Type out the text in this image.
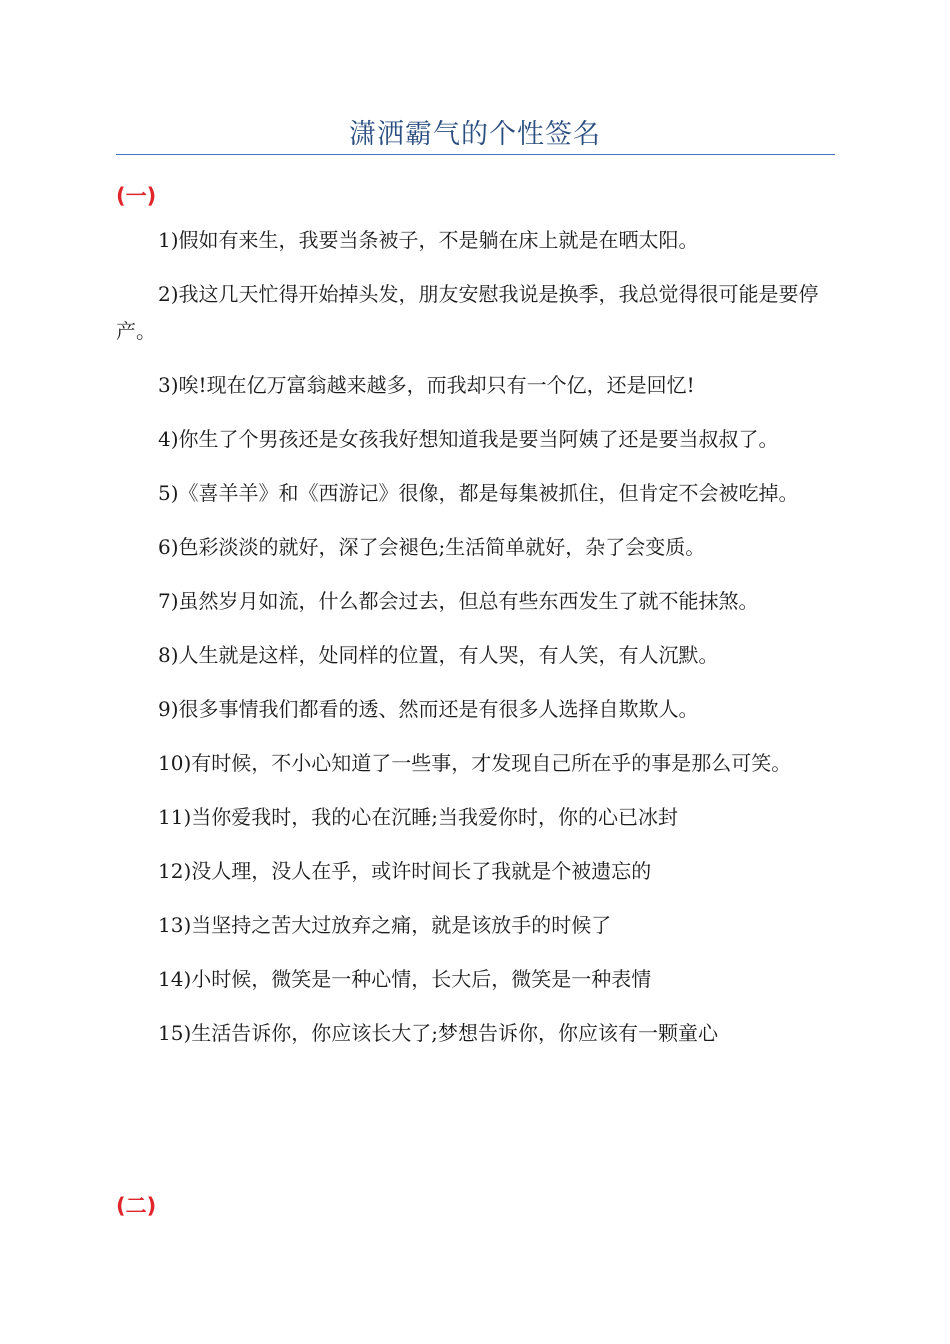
潇洒霸气的个性签名
(一)
1)假如有来生，我要当条被子，不是躺在床上就是在晒太阳。
2)我这几天忙得开始掉头发，朋友安慰我说是换季，我总觉得很可能是要停产。
3)唉!现在亿万富翁越来越多，而我却只有一个亿，还是回忆!
4)你生了个男孩还是女孩我好想知道我是要当阿姨了还是要当叔叔了。
5)《喜羊羊》和《西游记》很像，都是每集被抓住，但肯定不会被吃掉。
6)色彩淡淡的就好，深了会褪色;生活简单就好，杂了会变质。
7)虽然岁月如流，什么都会过去，但总有些东西发生了就不能抹煞。
8)人生就是这样，处同样的位置，有人哭，有人笑，有人沉默。
9)很多事情我们都看的透、然而还是有很多人选择自欺欺人。
10)有时候，不小心知道了一些事，才发现自己所在乎的事是那么可笑。
11)当你爱我时，我的心在沉睡;当我爱你时，你的心已冰封
12)没人理，没人在乎，或许时间长了我就是个被遗忘的
13)当坚持之苦大过放弃之痛，就是该放手的时候了
14)小时候，微笑是一种心情，长大后，微笑是一种表情
15)生活告诉你，你应该长大了;梦想告诉你，你应该有一颗童心
(二)
